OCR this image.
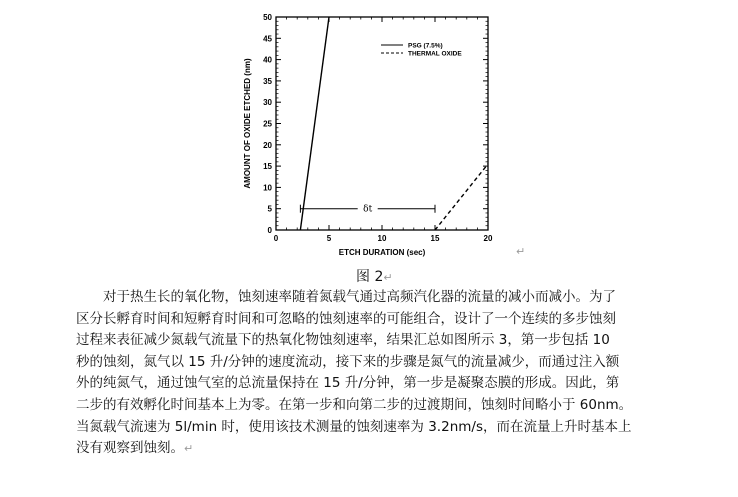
0	5	10	15	20
0
5
10
15
20
25
30
35
40
45
50
ETCH DURATION (sec)
AMOUNT OF OXIDE ETCHED (nm)
δt
PSG (7.5%)
THERMAL OXIDE
↵
图 2↵
　　对于热生长的氧化物，蚀刻速率随着氮载气通过高频汽化器的流量的减小而减小。为了
区分长孵育时间和短孵育时间和可忽略的蚀刻速率的可能组合，设计了一个连续的多步蚀刻
过程来表征减少氮载气流量下的热氧化物蚀刻速率，结果汇总如图所示 3，第一步包括 10
秒的蚀刻，氮气以 15 升/分钟的速度流动，接下来的步骤是氮气的流量减少，而通过注入额
外的纯氮气，通过蚀气室的总流量保持在 15 升/分钟，第一步是凝聚态膜的形成。因此，第
二步的有效孵化时间基本上为零。在第一步和向第二步的过渡期间，蚀刻时间略小于 60nm。
当氮载气流速为 5l/min 时，使用该技术测量的蚀刻速率为 3.2nm/s，而在流量上升时基本上
没有观察到蚀刻。↵
